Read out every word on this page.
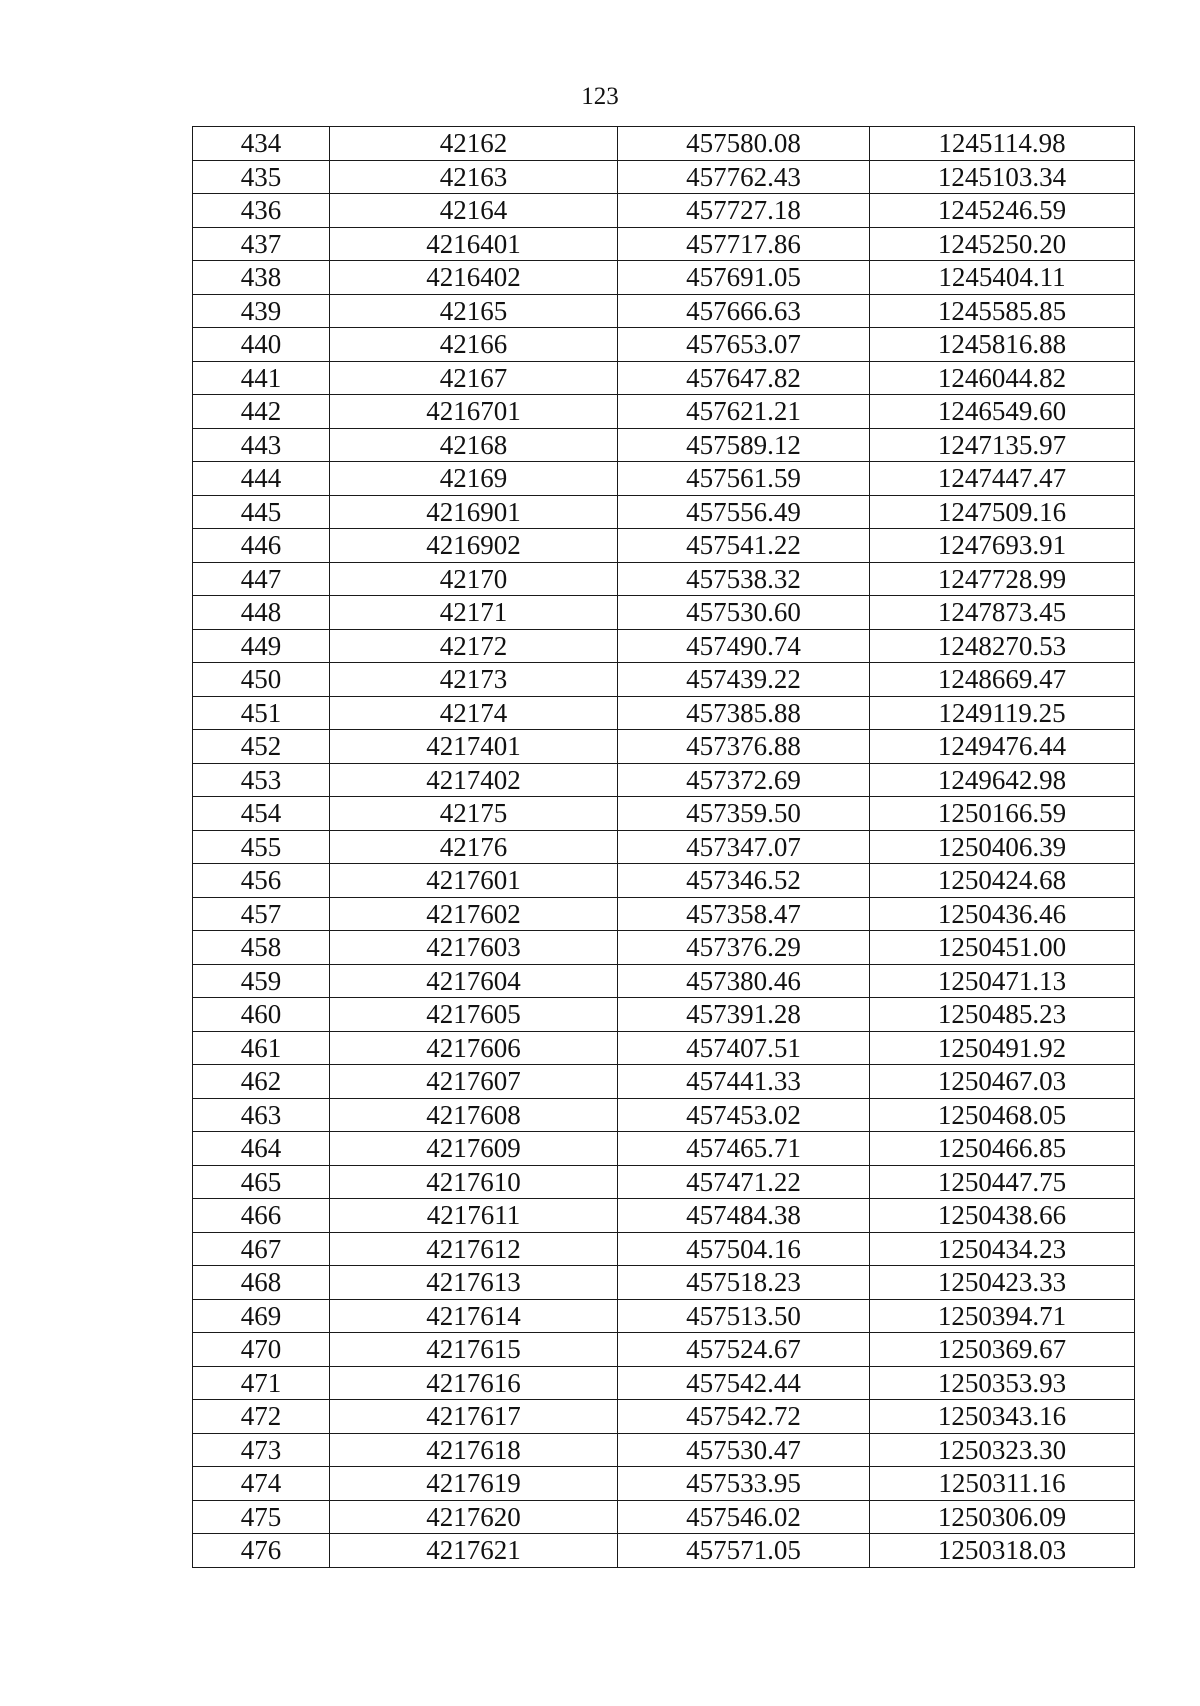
123
434	42162	457580.08	1245114.98
435	42163	457762.43	1245103.34
436	42164	457727.18	1245246.59
437	4216401	457717.86	1245250.20
438	4216402	457691.05	1245404.11
439	42165	457666.63	1245585.85
440	42166	457653.07	1245816.88
441	42167	457647.82	1246044.82
442	4216701	457621.21	1246549.60
443	42168	457589.12	1247135.97
444	42169	457561.59	1247447.47
445	4216901	457556.49	1247509.16
446	4216902	457541.22	1247693.91
447	42170	457538.32	1247728.99
448	42171	457530.60	1247873.45
449	42172	457490.74	1248270.53
450	42173	457439.22	1248669.47
451	42174	457385.88	1249119.25
452	4217401	457376.88	1249476.44
453	4217402	457372.69	1249642.98
454	42175	457359.50	1250166.59
455	42176	457347.07	1250406.39
456	4217601	457346.52	1250424.68
457	4217602	457358.47	1250436.46
458	4217603	457376.29	1250451.00
459	4217604	457380.46	1250471.13
460	4217605	457391.28	1250485.23
461	4217606	457407.51	1250491.92
462	4217607	457441.33	1250467.03
463	4217608	457453.02	1250468.05
464	4217609	457465.71	1250466.85
465	4217610	457471.22	1250447.75
466	4217611	457484.38	1250438.66
467	4217612	457504.16	1250434.23
468	4217613	457518.23	1250423.33
469	4217614	457513.50	1250394.71
470	4217615	457524.67	1250369.67
471	4217616	457542.44	1250353.93
472	4217617	457542.72	1250343.16
473	4217618	457530.47	1250323.30
474	4217619	457533.95	1250311.16
475	4217620	457546.02	1250306.09
476	4217621	457571.05	1250318.03
